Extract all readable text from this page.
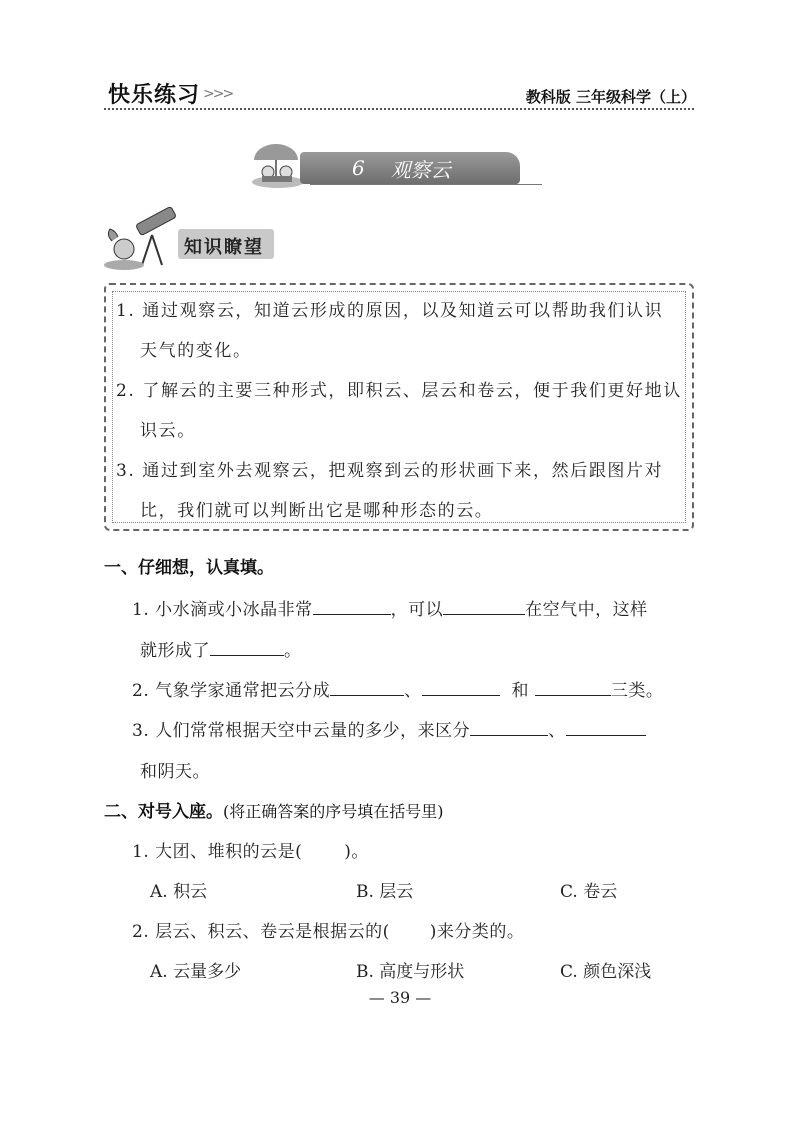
快乐练习 >>>	教科版 三年级科学（上）
6 观察云
知识瞭望
1. 通过观察云，知道云形成的原因，以及知道云可以帮助我们认识
天气的变化。
2. 了解云的主要三种形式，即积云、层云和卷云，便于我们更好地认
识云。
3. 通过到室外去观察云，把观察到云的形状画下来，然后跟图片对
比，我们就可以判断出它是哪种形态的云。
一、仔细想，认真填。
1. 小水滴或小冰晶非常	，可以	在空气中，这样
就形成了	。
2. 气象学家通常把云分成	、	和	三类。
3. 人们常常根据天空中云量的多少，来区分	、
和阴天。
二、对号入座。(将正确答案的序号填在括号里)
1. 大团、堆积的云是( )。
A. 积云	B. 层云	C. 卷云
2. 层云、积云、卷云是根据云的( )来分类的。
A. 云量多少	B. 高度与形状	C. 颜色深浅
— 39 —
